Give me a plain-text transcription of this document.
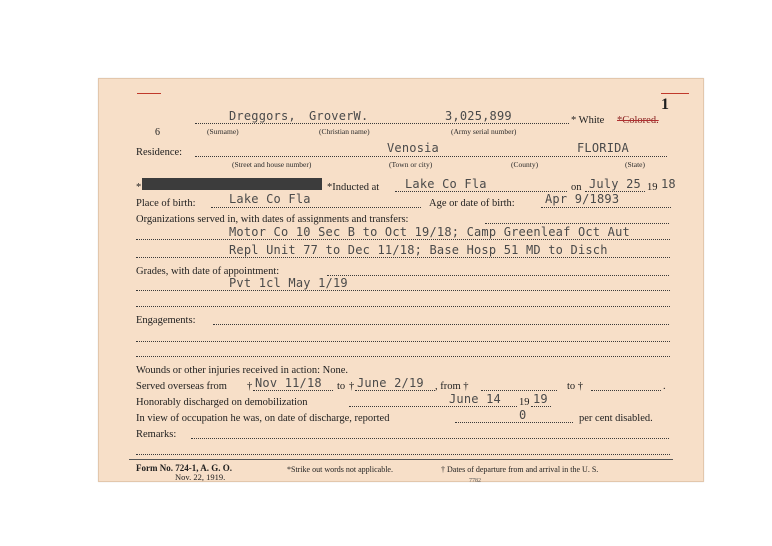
1
Dreggors, GroverW.	3,025,899	* White *Colored.
6	(Surname)	(Christian name)	(Army serial number)
Residence:	Venosia	FLORIDA
(Street and house number)	(Town or city)	(County)	(State)
*	*Inducted at Lake Co Fla	on July 25 19 18
Place of birth:	Lake Co Fla	Age or date of birth:	Apr 9/1893
Organizations served in, with dates of assignments and transfers:
Motor Co 10 Sec B to Oct 19/18; Camp Greenleaf Oct Aut
Repl Unit 77 to Dec 11/18; Base Hosp 51 MD to Disch
Grades, with date of appointment:
Pvt 1cl May 1/19
Engagements:
Wounds or other injuries received in action: None.
Served overseas from † Nov 11/18 to † June 2/19 , from †	to †	.
Honorably discharged on demobilization	June 14 19 19
In view of occupation he was, on date of discharge, reported	0	per cent disabled.
Remarks:
Form No. 724-1, A. G. O.
Nov. 22, 1919.
*Strike out words not applicable.	† Dates of departure from and arrival in the U. S.
7782
